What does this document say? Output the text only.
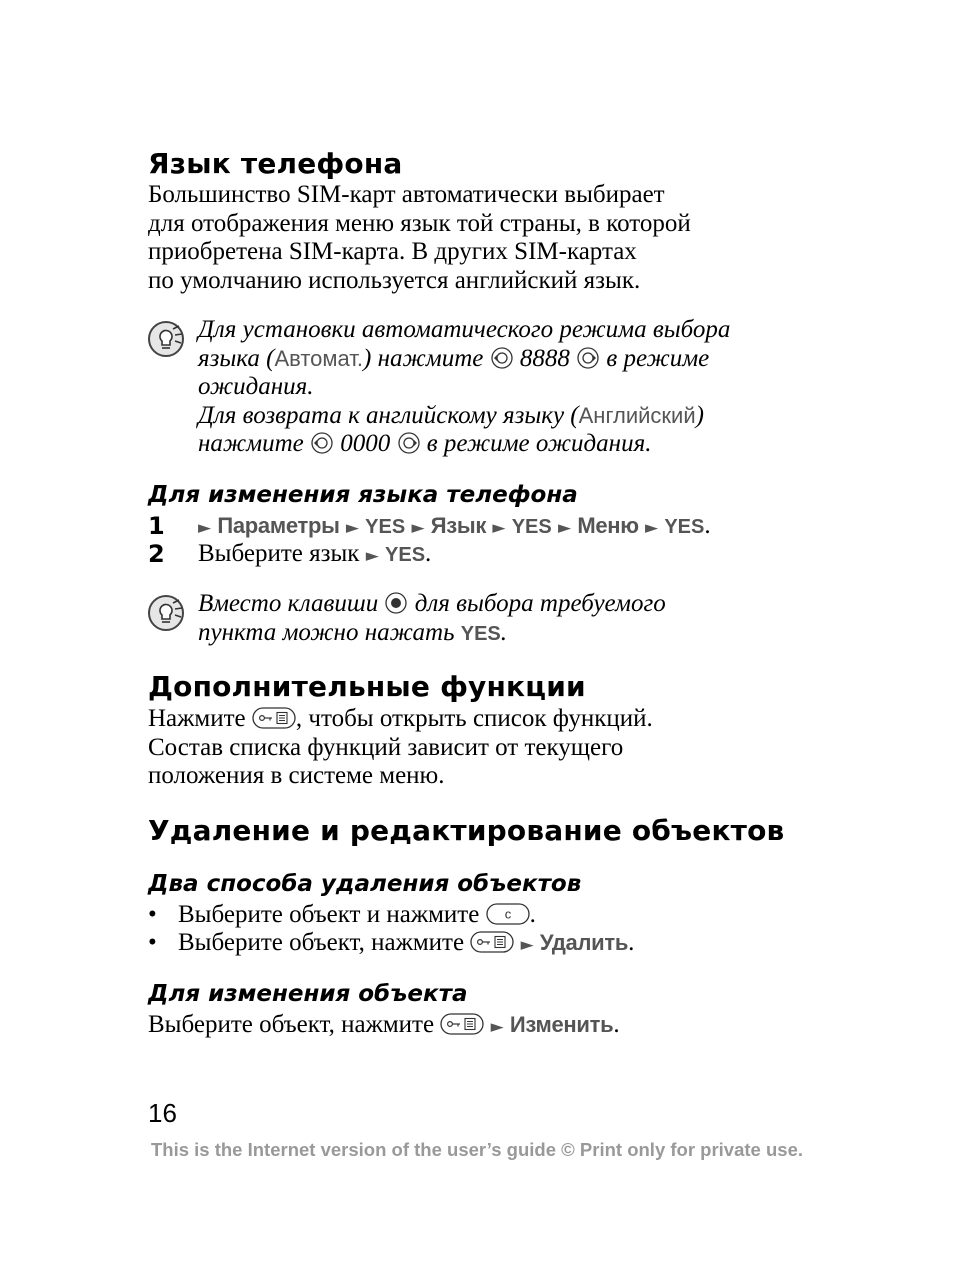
Язык телефона
Большинство SIM-карт автоматически выбирает
для отображения меню язык той страны, в которой
приобретена SIM-карта. В других SIM-картах
по умолчанию используется английский язык.
Для установки автоматического режима выбора
языка (Автомат.) нажмите 8888 в режиме
ожидания.
Для возврата к английскому языку (Английский)
нажмите 0000 в режиме ожидания.
Для изменения языка телефона
1 ► Параметры ► YES ► Язык ► YES ► Меню ► YES.
2 Выберите язык ► YES.
Вместо клавиши для выбора требуемого
пункта можно нажать YES.
Дополнительные функции
Нажмите , чтобы открыть список функций.
Состав списка функций зависит от текущего
положения в системе меню.
Удаление и редактирование объектов
Два способа удаления объектов
• Выберите объект и нажмите c .
• Выберите объект, нажмите	► Удалить.
Для изменения объекта
Выберите объект, нажмите	► Изменить.
16
This is the Internet version of the user’s guide © Print only for private use.
